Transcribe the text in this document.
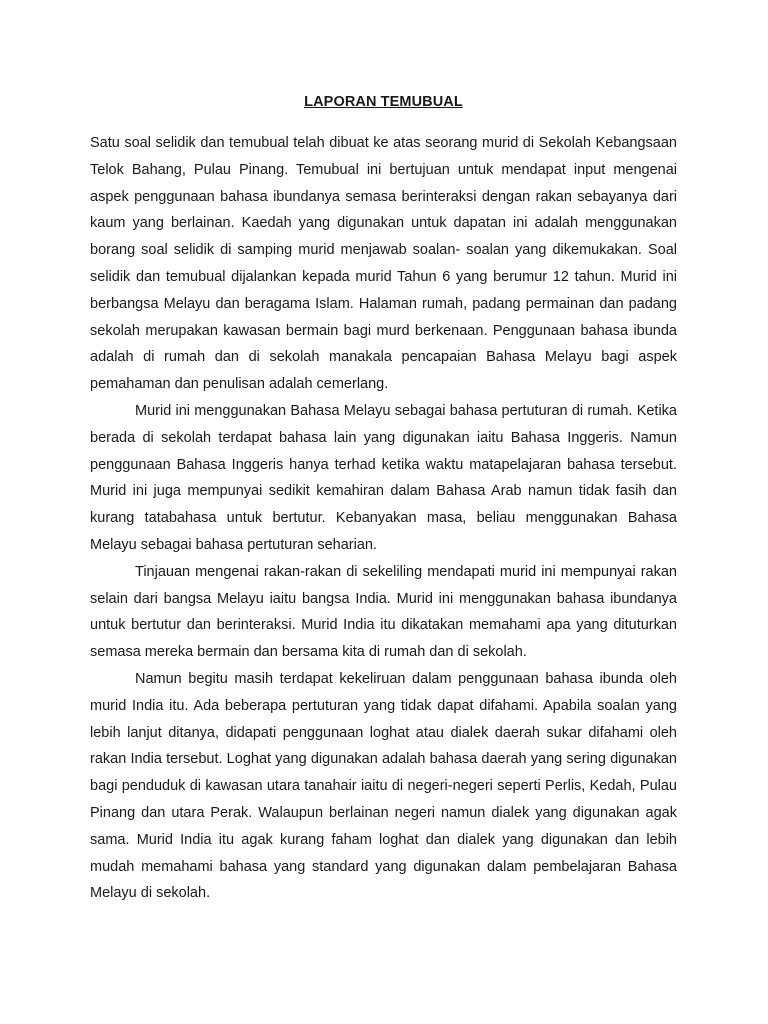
LAPORAN TEMUBUAL

Satu soal selidik dan temubual telah dibuat ke atas seorang murid di Sekolah Kebangsaan Telok Bahang, Pulau Pinang. Temubual ini bertujuan untuk mendapat input mengenai aspek penggunaan bahasa ibundanya semasa berinteraksi dengan rakan sebayanya dari kaum yang berlainan. Kaedah yang digunakan untuk dapatan ini adalah menggunakan borang soal selidik di samping murid menjawab soalan- soalan yang dikemukakan. Soal selidik dan temubual dijalankan kepada murid Tahun 6 yang berumur 12 tahun. Murid ini berbangsa Melayu dan beragama Islam. Halaman rumah, padang permainan dan padang sekolah merupakan kawasan bermain bagi murd berkenaan. Penggunaan bahasa ibunda adalah di rumah dan di sekolah manakala pencapaian Bahasa Melayu bagi aspek pemahaman dan penulisan adalah cemerlang.

Murid ini menggunakan Bahasa Melayu sebagai bahasa pertuturan di rumah. Ketika berada di sekolah terdapat bahasa lain yang digunakan iaitu Bahasa Inggeris. Namun penggunaan Bahasa Inggeris hanya terhad ketika waktu matapelajaran bahasa tersebut. Murid ini juga mempunyai sedikit kemahiran dalam Bahasa Arab namun tidak fasih dan kurang tatabahasa untuk bertutur. Kebanyakan masa, beliau menggunakan Bahasa Melayu sebagai bahasa pertuturan seharian.

Tinjauan mengenai rakan-rakan di sekeliling mendapati murid ini mempunyai rakan selain dari bangsa Melayu iaitu bangsa India. Murid ini menggunakan bahasa ibundanya untuk bertutur dan berinteraksi. Murid India itu dikatakan memahami apa yang dituturkan semasa mereka bermain dan bersama kita di rumah dan di sekolah.

Namun begitu masih terdapat kekeliruan dalam penggunaan bahasa ibunda oleh murid India itu. Ada beberapa pertuturan yang tidak dapat difahami. Apabila soalan yang lebih lanjut ditanya, didapati penggunaan loghat atau dialek daerah sukar difahami oleh rakan India tersebut. Loghat yang digunakan adalah bahasa daerah yang sering digunakan bagi penduduk di kawasan utara tanahair iaitu di negeri-negeri seperti Perlis, Kedah, Pulau Pinang dan utara Perak. Walaupun berlainan negeri namun dialek yang digunakan agak sama. Murid India itu agak kurang faham loghat dan dialek yang digunakan dan lebih mudah memahami bahasa yang standard yang digunakan dalam pembelajaran Bahasa Melayu di sekolah.
